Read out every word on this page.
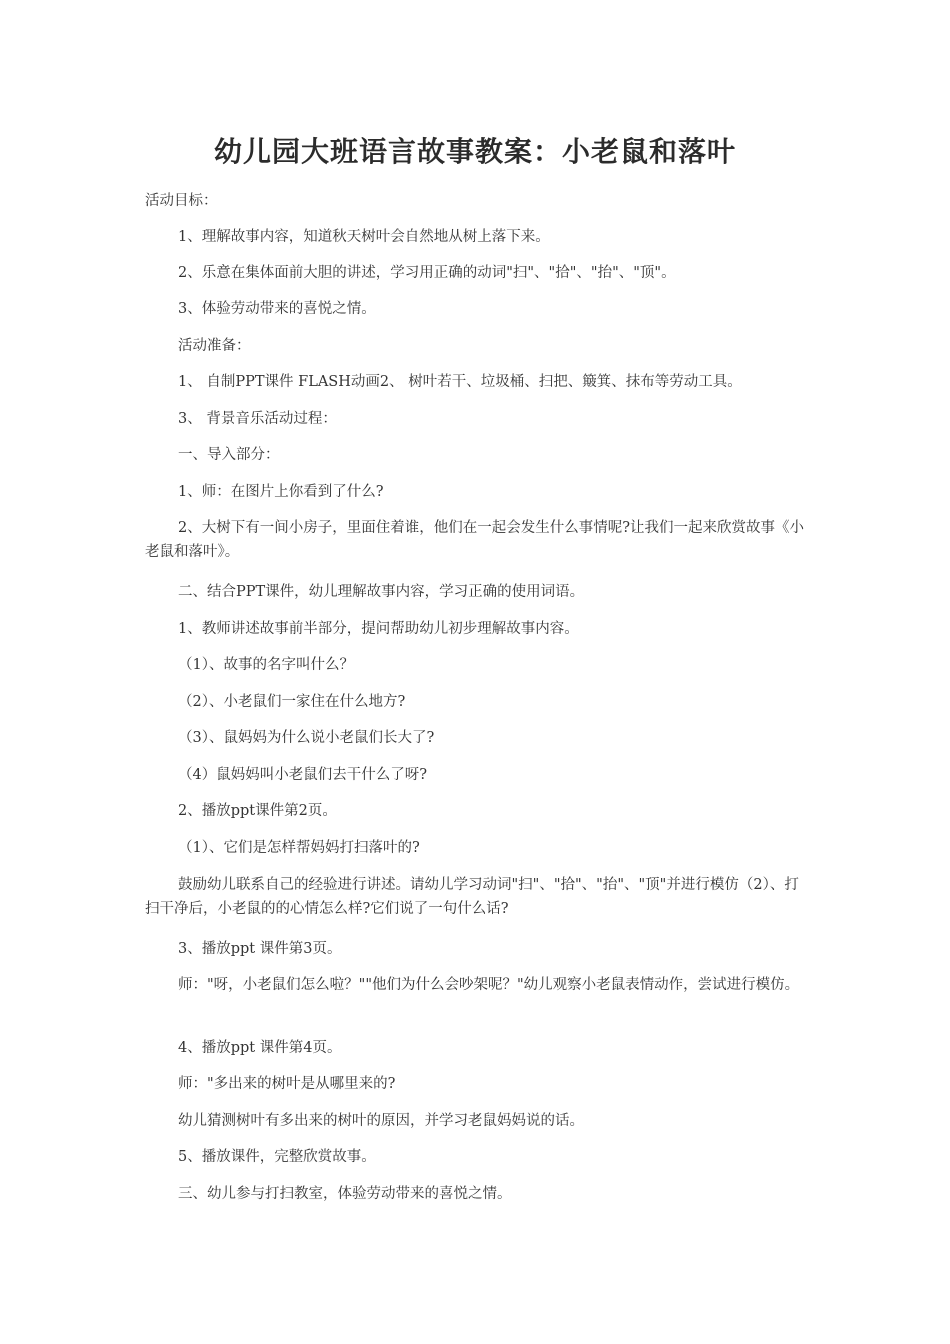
幼儿园大班语言故事教案：小老鼠和落叶

活动目标：

1、理解故事内容，知道秋天树叶会自然地从树上落下来。

2、乐意在集体面前大胆的讲述，学习用正确的动词"扫"、"拾"、"抬"、"顶"。

3、体验劳动带来的喜悦之情。

活动准备：

1、 自制PPT课件 FLASH动画2、 树叶若干、垃圾桶、扫把、簸箕、抹布等劳动工具。

3、 背景音乐活动过程：

一、导入部分：

1、师：在图片上你看到了什么?

2、大树下有一间小房子，里面住着谁，他们在一起会发生什么事情呢?让我们一起来欣赏故事《小老鼠和落叶》。

二、结合PPT课件，幼儿理解故事内容，学习正确的使用词语。

1、教师讲述故事前半部分，提问帮助幼儿初步理解故事内容。

（1）、故事的名字叫什么？

（2）、小老鼠们一家住在什么地方?

（3）、鼠妈妈为什么说小老鼠们长大了?

（4）鼠妈妈叫小老鼠们去干什么了呀?

2、播放ppt课件第2页。

（1）、它们是怎样帮妈妈打扫落叶的?

鼓励幼儿联系自己的经验进行讲述。请幼儿学习动词"扫"、"拾"、"抬"、"顶"并进行模仿（2）、打扫干净后，小老鼠的的心情怎么样?它们说了一句什么话?

3、播放ppt 课件第3页。

师："呀，小老鼠们怎么啦？""他们为什么会吵架呢？"幼儿观察小老鼠表情动作，尝试进行模仿。

4、播放ppt 课件第4页。

师："多出来的树叶是从哪里来的?

幼儿猜测树叶有多出来的树叶的原因，并学习老鼠妈妈说的话。

5、播放课件，完整欣赏故事。

三、幼儿参与打扫教室，体验劳动带来的喜悦之情。
